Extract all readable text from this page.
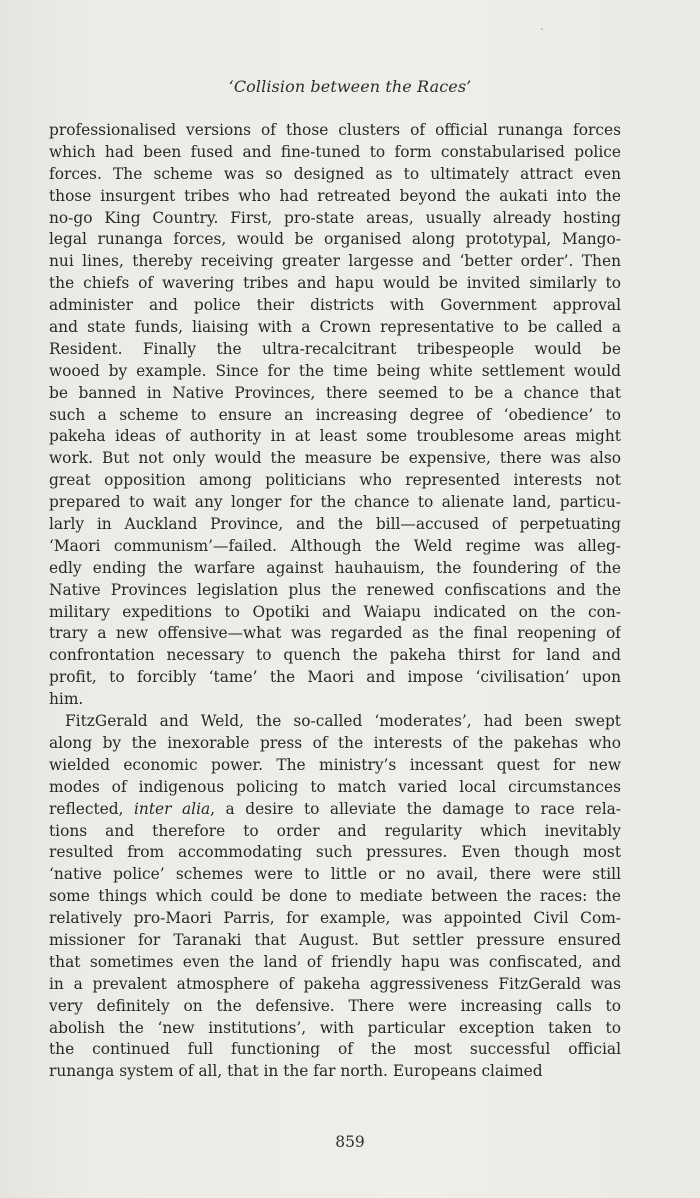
‘Collision between the Races’
professionalised versions of those clusters of official runanga forces
which had been fused and fine-tuned to form constabularised police
forces. The scheme was so designed as to ultimately attract even
those insurgent tribes who had retreated beyond the aukati into the
no-go King Country. First, pro-state areas, usually already hosting
legal runanga forces, would be organised along prototypal, Mango-
nui lines, thereby receiving greater largesse and ‘better order’. Then
the chiefs of wavering tribes and hapu would be invited similarly to
administer and police their districts with Government approval
and state funds, liaising with a Crown representative to be called a
Resident. Finally the ultra-recalcitrant tribespeople would be
wooed by example. Since for the time being white settlement would
be banned in Native Provinces, there seemed to be a chance that
such a scheme to ensure an increasing degree of ‘obedience’ to
pakeha ideas of authority in at least some troublesome areas might
work. But not only would the measure be expensive, there was also
great opposition among politicians who represented interests not
prepared to wait any longer for the chance to alienate land, particu-
larly in Auckland Province, and the bill—accused of perpetuating
‘Maori communism’—failed. Although the Weld regime was alleg-
edly ending the warfare against hauhauism, the foundering of the
Native Provinces legislation plus the renewed confiscations and the
military expeditions to Opotiki and Waiapu indicated on the con-
trary a new offensive—what was regarded as the final reopening of
confrontation necessary to quench the pakeha thirst for land and
profit, to forcibly ‘tame’ the Maori and impose ‘civilisation’ upon
him.
FitzGerald and Weld, the so-called ‘moderates’, had been swept
along by the inexorable press of the interests of the pakehas who
wielded economic power. The ministry’s incessant quest for new
modes of indigenous policing to match varied local circumstances
reflected, inter alia, a desire to alleviate the damage to race rela-
tions and therefore to order and regularity which inevitably
resulted from accommodating such pressures. Even though most
‘native police’ schemes were to little or no avail, there were still
some things which could be done to mediate between the races: the
relatively pro-Maori Parris, for example, was appointed Civil Com-
missioner for Taranaki that August. But settler pressure ensured
that sometimes even the land of friendly hapu was confiscated, and
in a prevalent atmosphere of pakeha aggressiveness FitzGerald was
very definitely on the defensive. There were increasing calls to
abolish the ‘new institutions’, with particular exception taken to
the continued full functioning of the most successful official
runanga system of all, that in the far north. Europeans claimed
859
